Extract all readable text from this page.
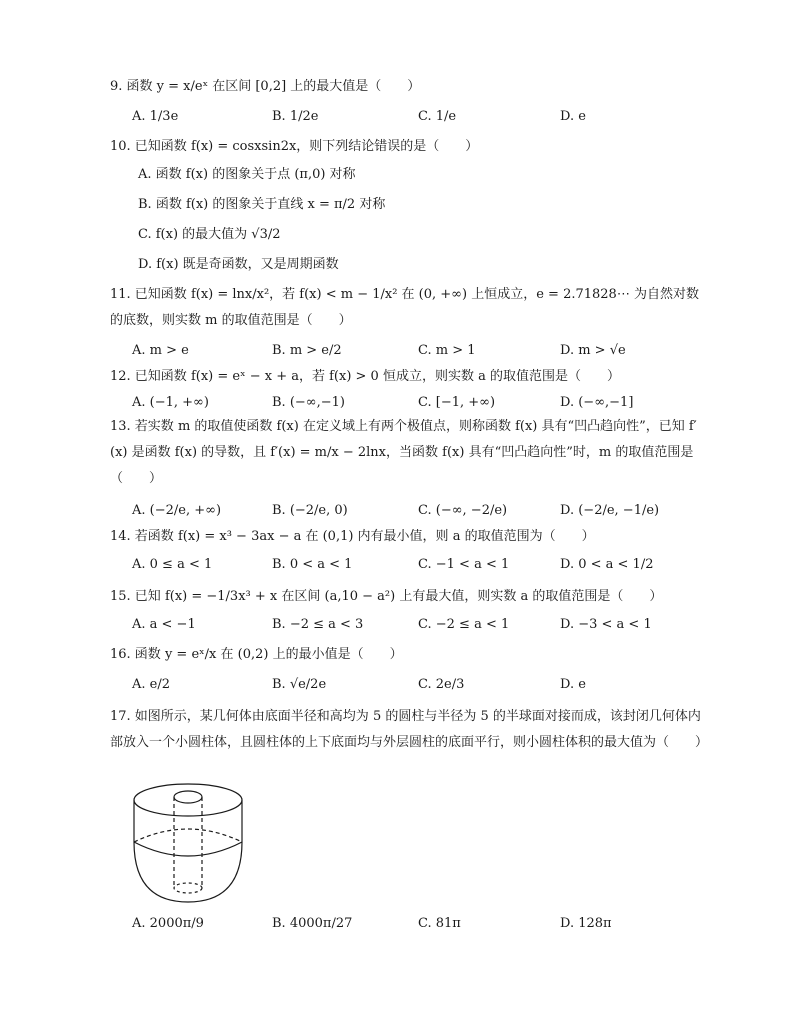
9. 函数 y = x/eˣ 在区间 [0,2] 上的最大值是（　　）
A. 1/3e	B. 1/2e	C. 1/e	D. e
10. 已知函数 f(x) = cosxsin2x，则下列结论错误的是（　　）
A. 函数 f(x) 的图象关于点 (π,0) 对称
B. 函数 f(x) 的图象关于直线 x = π/2 对称
C. f(x) 的最大值为 √3/2
D. f(x) 既是奇函数，又是周期函数
11. 已知函数 f(x) = lnx/x²，若 f(x) < m − 1/x² 在 (0, +∞) 上恒成立，e = 2.71828⋯ 为自然对数的底数，则实数 m 的取值范围是（　　）
A. m > e	B. m > e/2	C. m > 1	D. m > √e
12. 已知函数 f(x) = eˣ − x + a，若 f(x) > 0 恒成立，则实数 a 的取值范围是（　　）
A. (−1, +∞)	B. (−∞,−1)	C. [−1, +∞)	D. (−∞,−1]
13. 若实数 m 的取值使函数 f(x) 在定义域上有两个极值点，则称函数 f(x) 具有“凹凸趋向性”，已知 f′(x) 是函数 f(x) 的导数，且 f′(x) = m/x − 2lnx，当函数 f(x) 具有“凹凸趋向性”时，m 的取值范围是（　　）
A. (−2/e, +∞)	B. (−2/e, 0)	C. (−∞, −2/e)	D. (−2/e, −1/e)
14. 若函数 f(x) = x³ − 3ax − a 在 (0,1) 内有最小值，则 a 的取值范围为（　　）
A. 0 ≤ a < 1	B. 0 < a < 1	C. −1 < a < 1	D. 0 < a < 1/2
15. 已知 f(x) = −1/3x³ + x 在区间 (a,10 − a²) 上有最大值，则实数 a 的取值范围是（　　）
A. a < −1	B. −2 ≤ a < 3	C. −2 ≤ a < 1	D. −3 < a < 1
16. 函数 y = eˣ/x 在 (0,2) 上的最小值是（　　）
A. e/2	B. √e/2e	C. 2e/3	D. e
17. 如图所示，某几何体由底面半径和高均为 5 的圆柱与半径为 5 的半球面对接而成，该封闭几何体内部放入一个小圆柱体，且圆柱体的上下底面均与外层圆柱的底面平行，则小圆柱体积的最大值为（　　）
A. 2000π/9	B. 4000π/27	C. 81π	D. 128π
